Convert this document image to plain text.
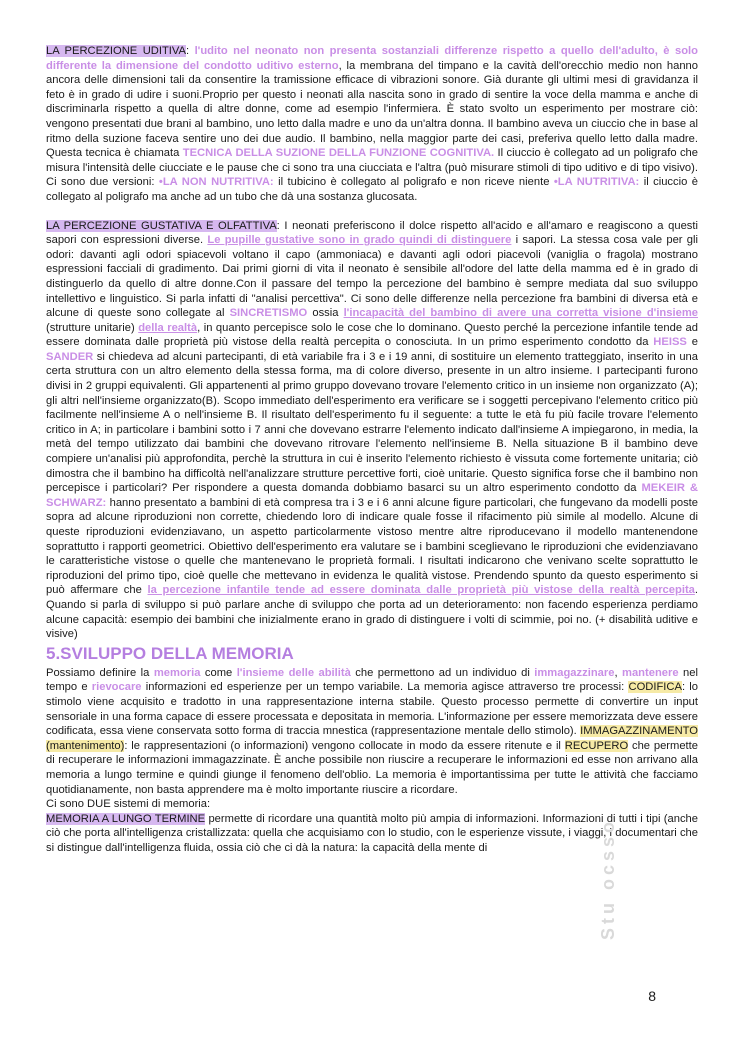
LA PERCEZIONE UDITIVA: l'udito nel neonato non presenta sostanziali differenze rispetto a quello dell'adulto, è solo differente la dimensione del condotto uditivo esterno, la membrana del timpano e la cavità dell'orecchio medio non hanno ancora delle dimensioni tali da consentire la tramissione efficace di vibrazioni sonore. Già durante gli ultimi mesi di gravidanza il feto è in grado di udire i suoni.Proprio per questo i neonati alla nascita sono in grado di sentire la voce della mamma e anche di discriminarla rispetto a quella di altre donne, come ad esempio l'infermiera. È stato svolto un esperimento per mostrare ciò: vengono presentati due brani al bambino, uno letto dalla madre e uno da un'altra donna. Il bambino aveva un ciuccio che in base al ritmo della suzione faceva sentire uno dei due audio. Il bambino, nella maggior parte dei casi, preferiva quello letto dalla madre. Questa tecnica è chiamata TECNICA DELLA SUZIONE DELLA FUNZIONE COGNITIVA. Il ciuccio è collegato ad un poligrafo che misura l'intensità delle ciucciate e le pause che ci sono tra una ciucciata e l'altra (può misurare stimoli di tipo uditivo e di tipo visivo). Ci sono due versioni: •LA NON NUTRITIVA: il tubicino è collegato al poligrafo e non riceve niente •LA NUTRITIVA: il ciuccio è collegato al poligrafo ma anche ad un tubo che dà una sostanza glucosata.

LA PERCEZIONE GUSTATIVA E OLFATTIVA: I neonati preferiscono il dolce rispetto all'acido e all'amaro e reagiscono a questi sapori con espressioni diverse. Le pupille gustative sono in grado quindi di distinguere i sapori. La stessa cosa vale per gli odori: davanti agli odori spiacevoli voltano il capo (ammoniaca) e davanti agli odori piacevoli (vaniglia o fragola) mostrano espressioni facciali di gradimento. Dai primi giorni di vita il neonato è sensibile all'odore del latte della mamma ed è in grado di distinguerlo da quello di altre donne.Con il passare del tempo la percezione del bambino è sempre mediata dal suo sviluppo intellettivo e linguistico. Si parla infatti di "analisi percettiva". Ci sono delle differenze nella percezione fra bambini di diversa età e alcune di queste sono collegate al SINCRETISMO ossia l'incapacità del bambino di avere una corretta visione d'insieme (strutture unitarie) della realtà, in quanto percepisce solo le cose che lo dominano. Questo perché la percezione infantile tende ad essere dominata dalle proprietà più vistose della realtà percepita o conosciuta. In un primo esperimento condotto da HEISS e SANDER si chiedeva ad alcuni partecipanti, di età variabile fra i 3 e i 19 anni, di sostituire un elemento tratteggiato, inserito in una certa struttura con un altro elemento della stessa forma, ma di colore diverso, presente in un altro insieme. I partecipanti furono divisi in 2 gruppi equivalenti. Gli appartenenti al primo gruppo dovevano trovare l'elemento critico in un insieme non organizzato (A); gli altri nell'insieme organizzato(B). Scopo immediato dell'esperimento era verificare se i soggetti percepivano l'elemento critico più facilmente nell'insieme A o nell'insieme B. Il risultato dell'esperimento fu il seguente: a tutte le età fu più facile trovare l'elemento critico in A; in particolare i bambini sotto i 7 anni che dovevano estrarre l'elemento indicato dall'insieme A impiegarono, in media, la metà del tempo utilizzato dai bambini che dovevano ritrovare l'elemento nell'insieme B. Nella situazione B il bambino deve compiere un'analisi più approfondita, perchè la struttura in cui è inserito l'elemento richiesto è vissuta come fortemente unitaria; ciò dimostra che il bambino ha difficoltà nell'analizzare strutture percettive forti, cioè unitarie. Questo significa forse che il bambino non percepisce i particolari? Per rispondere a questa domanda dobbiamo basarci su un altro esperimento condotto da MEKEIR & SCHWARZ: hanno presentato a bambini di età compresa tra i 3 e i 6 anni alcune figure particolari, che fungevano da modelli poste sopra ad alcune riproduzioni non corrette, chiedendo loro di indicare quale fosse il rifacimento più simile al modello. Alcune di queste riproduzioni evidenziavano, un aspetto particolarmente vistoso mentre altre riproducevano il modello mantenendone soprattutto i rapporti geometrici. Obiettivo dell'esperimento era valutare se i bambini sceglievano le riproduzioni che evidenziavano le caratteristiche vistose o quelle che mantenevano le proprietà formali. I risultati indicarono che venivano scelte soprattutto le riproduzioni del primo tipo, cioè quelle che mettevano in evidenza le qualità vistose. Prendendo spunto da questo esperimento si può affermare che la percezione infantile tende ad essere dominata dalle proprietà più vistose della realtà percepita. Quando si parla di sviluppo si può parlare anche di sviluppo che porta ad un deterioramento: non facendo esperienza perdiamo alcune capacità: esempio dei bambini che inizialmente erano in grado di distinguere i volti di scimmie, poi no. (+ disabilità uditive e visive)

5.SVILUPPO DELLA MEMORIA

Possiamo definire la memoria come l'insieme delle abilità che permettono ad un individuo di immagazzinare, mantenere nel tempo e rievocare informazioni ed esperienze per un tempo variabile. La memoria agisce attraverso tre processi: CODIFICA: lo stimolo viene acquisito e tradotto in una rappresentazione interna stabile. Questo processo permette di convertire un input sensoriale in una forma capace di essere processata e depositata in memoria. L'informazione per essere memorizzata deve essere codificata, essa viene conservata sotto forma di traccia mnestica (rappresentazione mentale dello stimolo). IMMAGAZZINAMENTO (mantenimento): le rappresentazioni (o informazioni) vengono collocate in modo da essere ritenute e il RECUPERO che permette di recuperare le informazioni immagazzinate. È anche possibile non riuscire a recuperare le informazioni ed esse non arrivano alla memoria a lungo termine e quindi giunge il fenomeno dell'oblio. La memoria è importantissima per tutte le attività che facciamo quotidianamente, non basta apprendere ma è molto importante riuscire a ricordare.

Ci sono DUE sistemi di memoria:

MEMORIA A LUNGO TERMINE permette di ricordare una quantità molto più ampia di informazioni. Informazioni di tutti i tipi (anche ciò che porta all'intelligenza cristallizzata: quella che acquisiamo con lo studio, con le esperienze vissute, i viaggi, i documentari che si distingue dall'intelligenza fluida, ossia ciò che ci dà la natura: la capacità della mente di	Stu ocsso
8
